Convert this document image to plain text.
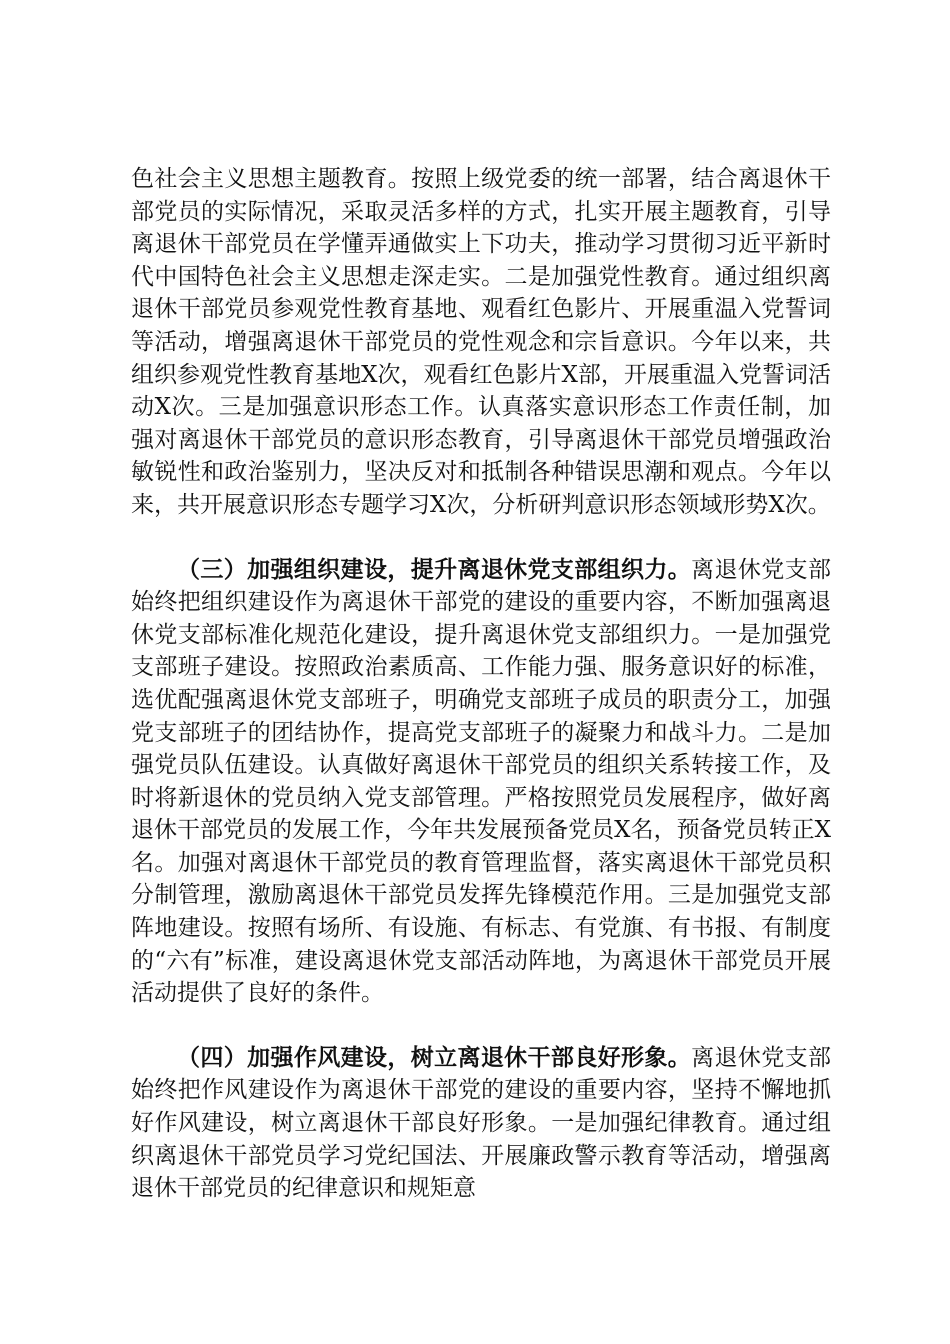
色社会主义思想主题教育。按照上级党委的统一部署，结合离退休干部党员的实际情况，采取灵活多样的方式，扎实开展主题教育，引导离退休干部党员在学懂弄通做实上下功夫，推动学习贯彻习近平新时代中国特色社会主义思想走深走实。二是加强党性教育。通过组织离退休干部党员参观党性教育基地、观看红色影片、开展重温入党誓词等活动，增强离退休干部党员的党性观念和宗旨意识。今年以来，共组织参观党性教育基地X次，观看红色影片X部，开展重温入党誓词活动X次。三是加强意识形态工作。认真落实意识形态工作责任制，加强对离退休干部党员的意识形态教育，引导离退休干部党员增强政治敏锐性和政治鉴别力，坚决反对和抵制各种错误思潮和观点。今年以来，共开展意识形态专题学习X次，分析研判意识形态领域形势X次。

（三）加强组织建设，提升离退休党支部组织力。离退休党支部始终把组织建设作为离退休干部党的建设的重要内容，不断加强离退休党支部标准化规范化建设，提升离退休党支部组织力。一是加强党支部班子建设。按照政治素质高、工作能力强、服务意识好的标准，选优配强离退休党支部班子，明确党支部班子成员的职责分工，加强党支部班子的团结协作，提高党支部班子的凝聚力和战斗力。二是加强党员队伍建设。认真做好离退休干部党员的组织关系转接工作，及时将新退休的党员纳入党支部管理。严格按照党员发展程序，做好离退休干部党员的发展工作，今年共发展预备党员X名，预备党员转正X名。加强对离退休干部党员的教育管理监督，落实离退休干部党员积分制管理，激励离退休干部党员发挥先锋模范作用。三是加强党支部阵地建设。按照有场所、有设施、有标志、有党旗、有书报、有制度的“六有”标准，建设离退休党支部活动阵地，为离退休干部党员开展活动提供了良好的条件。

（四）加强作风建设，树立离退休干部良好形象。离退休党支部始终把作风建设作为离退休干部党的建设的重要内容，坚持不懈地抓好作风建设，树立离退休干部良好形象。一是加强纪律教育。通过组织离退休干部党员学习党纪国法、开展廉政警示教育等活动，增强离退休干部党员的纪律意识和规矩意
